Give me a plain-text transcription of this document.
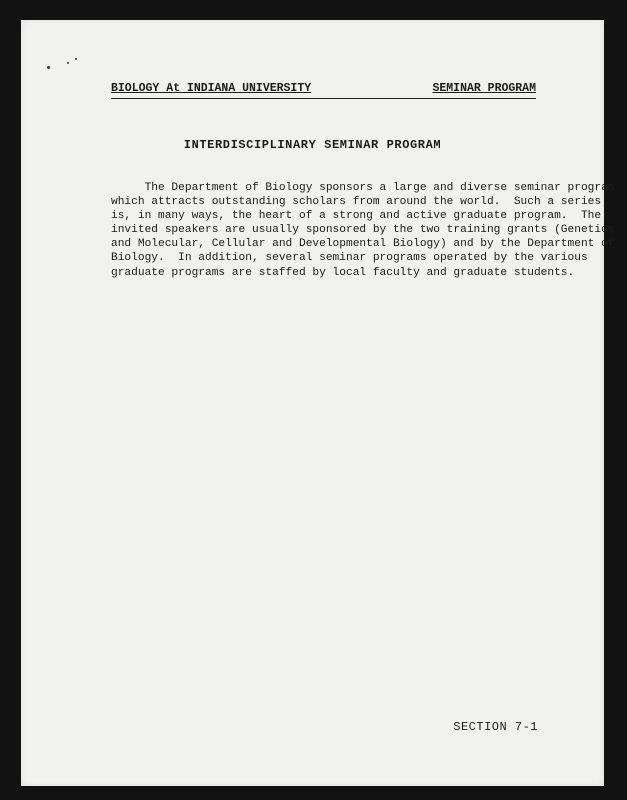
BIOLOGY At INDIANA UNIVERSITY	SEMINAR PROGRAM
INTERDISCIPLINARY SEMINAR PROGRAM
The Department of Biology sponsors a large and diverse seminar program
which attracts outstanding scholars from around the world.  Such a series
is, in many ways, the heart of a strong and active graduate program.  The
invited speakers are usually sponsored by the two training grants (Genetics
and Molecular, Cellular and Developmental Biology) and by the Department of
Biology.  In addition, several seminar programs operated by the various
graduate programs are staffed by local faculty and graduate students.
SECTION 7-1
